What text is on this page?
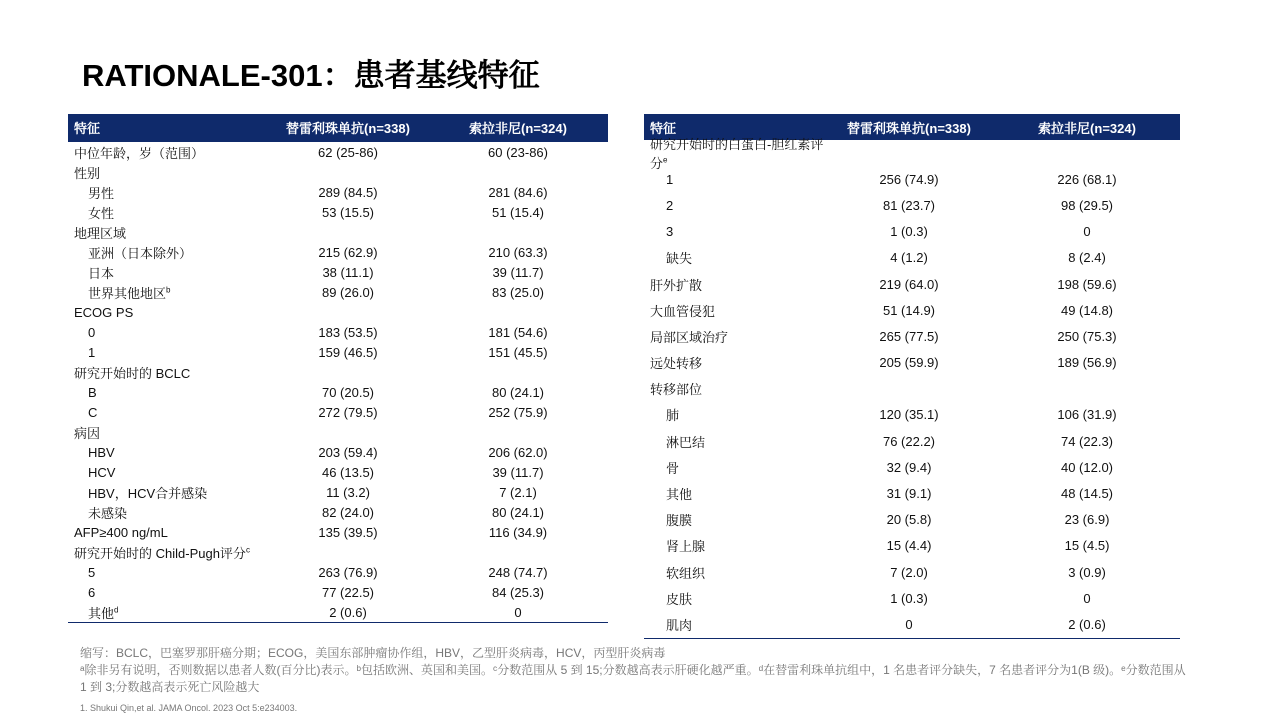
RATIONALE-301：患者基线特征
特征	替雷利珠单抗(n=338)	索拉非尼(n=324)
中位年龄，岁（范围）	62 (25-86)	60 (23-86)
性别
男性	289 (84.5)	281 (84.6)
女性	53 (15.5)	51 (15.4)
地理区域
亚洲（日本除外）	215 (62.9)	210 (63.3)
日本	38 (11.1)	39 (11.7)
世界其他地区$^b$	89 (26.0)	83 (25.0)
ECOG PS
0	183 (53.5)	181 (54.6)
1	159 (46.5)	151 (45.5)
研究开始时的 BCLC
B	70 (20.5)	80 (24.1)
C	272 (79.5)	252 (75.9)
病因
HBV	203 (59.4)	206 (62.0)
HCV	46 (13.5)	39 (11.7)
HBV，HCV合并感染	11 (3.2)	7 (2.1)
未感染	82 (24.0)	80 (24.1)
AFP≥400 ng/mL	135 (39.5)	116 (34.9)
研究开始时的 Child-Pugh评分$^c$
5	263 (76.9)	248 (74.7)
6	77 (22.5)	84 (25.3)
其他$^d$	2 (0.6)	0
特征	替雷利珠单抗(n=338)	索拉非尼(n=324)
研究开始时的白蛋白-胆红素评分$^e$
1	256 (74.9)	226 (68.1)
2	81 (23.7)	98 (29.5)
3	1 (0.3)	0
缺失	4 (1.2)	8 (2.4)
肝外扩散	219 (64.0)	198 (59.6)
大血管侵犯	51 (14.9)	49 (14.8)
局部区域治疗	265 (77.5)	250 (75.3)
远处转移	205 (59.9)	189 (56.9)
转移部位
肺	120 (35.1)	106 (31.9)
淋巴结	76 (22.2)	74 (22.3)
骨	32 (9.4)	40 (12.0)
其他	31 (9.1)	48 (14.5)
腹膜	20 (5.8)	23 (6.9)
肾上腺	15 (4.4)	15 (4.5)
软组织	7 (2.0)	3 (0.9)
皮肤	1 (0.3)	0
肌肉	0	2 (0.6)
缩写：BCLC，巴塞罗那肝癌分期；ECOG，美国东部肿瘤协作组，HBV，乙型肝炎病毒，HCV，丙型肝炎病毒
ᵃ除非另有说明，否则数据以患者人数(百分比)表示。ᵇ包括欧洲、英国和美国。ᶜ分数范围从 5 到 15;分数越高表示肝硬化越严重。ᵈ在替雷利珠单抗组中，1 名患者评分缺失，7 名患者评分为1(B 级)。ᵉ分数范围从 1 到 3;分数越高表示死亡风险越大
1. Shukui Qin,et al. JAMA Oncol. 2023 Oct 5:e234003.
